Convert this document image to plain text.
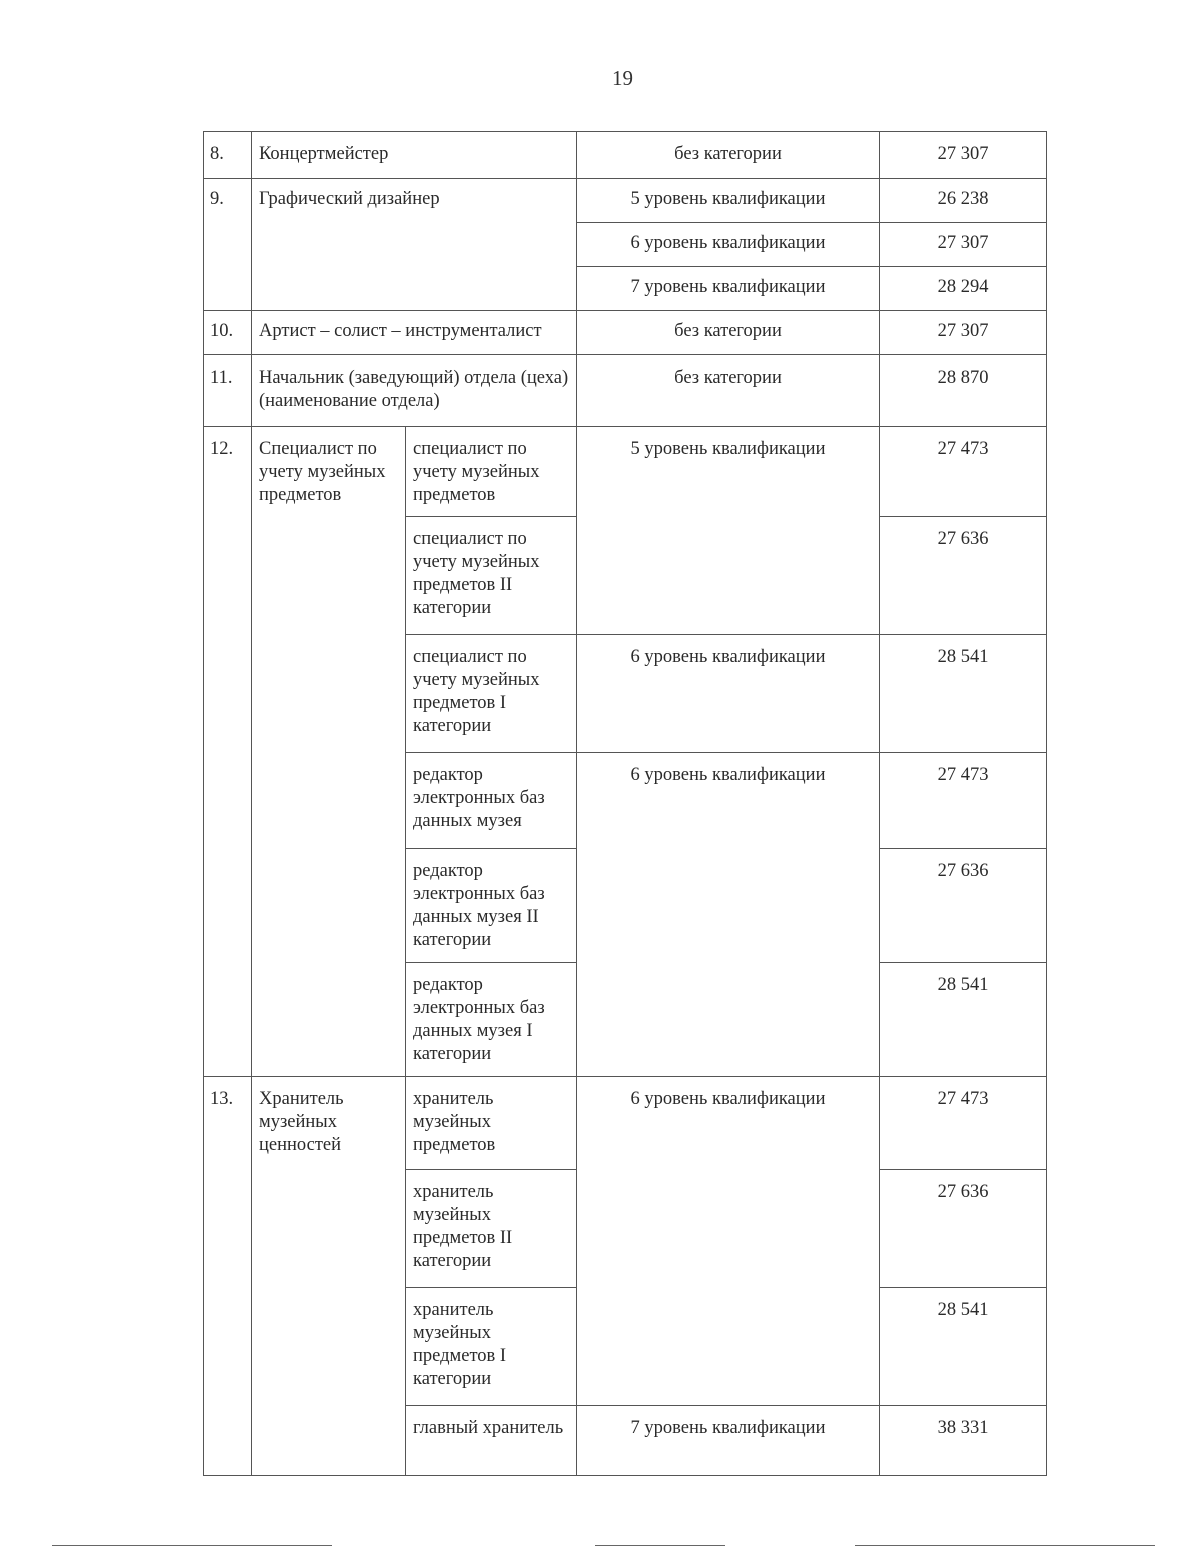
19
8.	Концертмейстер		без категории	27 307
9.	Графический дизайнер		5 уровень квалификации	26 238
			6 уровень квалификации	27 307
			7 уровень квалификации	28 294
10.	Артист – солист – инструменталист		без категории	27 307
11.	Начальник (заведующий) отдела (цеха) (наименование отдела)		без категории	28 870
12.	Специалист по учету музейных предметов	специалист по учету музейных предметов	5 уровень квалификации	27 473
		специалист по учету музейных предметов II категории		27 636
		специалист по учету музейных предметов I категории	6 уровень квалификации	28 541
		редактор электронных баз данных музея	6 уровень квалификации	27 473
		редактор электронных баз данных музея II категории		27 636
		редактор электронных баз данных музея I категории		28 541
13.	Хранитель музейных ценностей	хранитель музейных предметов	6 уровень квалификации	27 473
		хранитель музейных предметов II категории		27 636
		хранитель музейных предметов I категории		28 541
		главный хранитель	7 уровень квалификации	38 331
